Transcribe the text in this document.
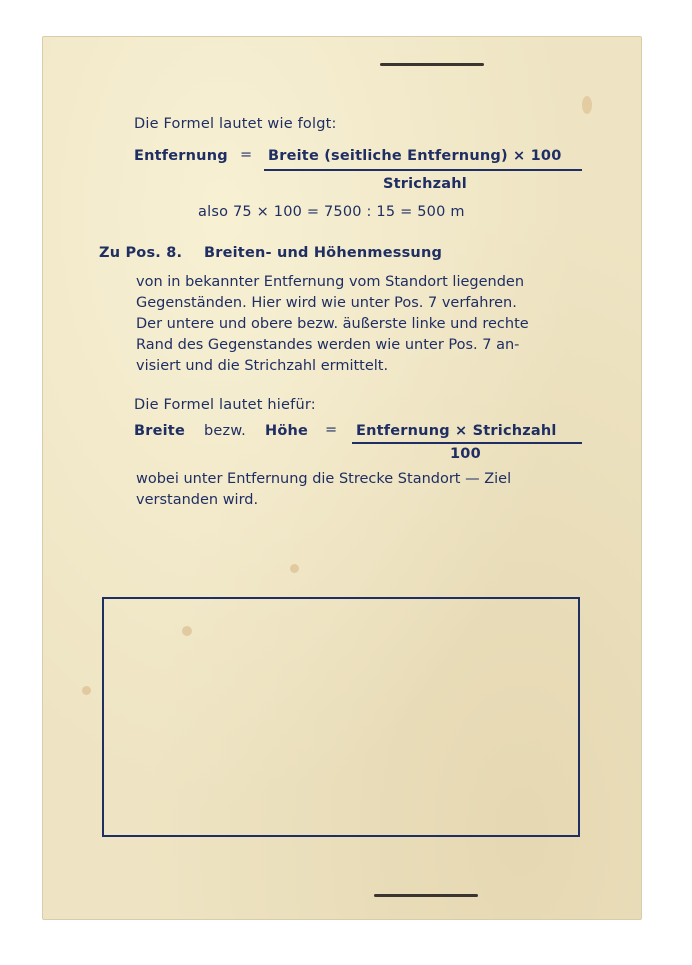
Die Formel lautet wie folgt:
Entfernung = Breite (seitliche Entfernung) × 100
Strichzahl
also 75 × 100 = 7500 : 15 = 500 m
Zu Pos. 8. Breiten- und Höhenmessung
von in bekannter Entfernung vom Standort liegenden
Gegenständen. Hier wird wie unter Pos. 7 verfahren.
Der untere und obere bezw. äußerste linke und rechte
Rand des Gegenstandes werden wie unter Pos. 7 an-
visiert und die Strichzahl ermittelt.
Die Formel lautet hiefür:
Breite bezw. Höhe = Entfernung × Strichzahl
100
wobei unter Entfernung die Strecke Standort — Ziel
verstanden wird.
